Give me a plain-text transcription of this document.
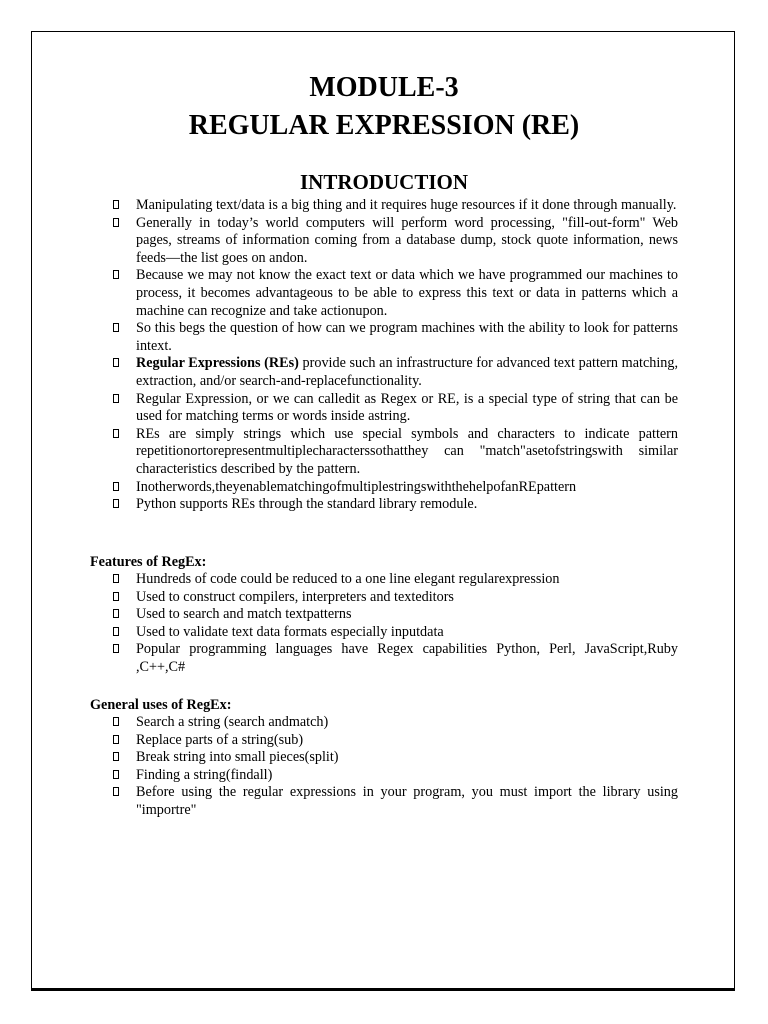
MODULE-3
REGULAR EXPRESSION (RE)
INTRODUCTION
Manipulating text/data is a big thing and it requires huge resources if it done through manually.
Generally in today’s world computers will perform word processing, "fill-out-form" Web pages, streams of information coming from a database dump, stock quote information, news feeds—the list goes on andon.
Because we may not know the exact text or data which we have programmed our machines to process, it becomes advantageous to be able to express this text or data in patterns which a machine can recognize and take actionupon.
So this begs the question of how can we program machines with the ability to look for patterns intext.
Regular Expressions (REs) provide such an infrastructure for advanced text pattern matching, extraction, and/or search-and-replacefunctionality.
Regular Expression, or we can calledit as Regex or RE, is a special type of string that can be used for matching terms or words inside astring.
REs are simply strings which use special symbols and characters to indicate pattern repetitionortorepresentmultiplecharacterssothatthey can "match"asetofstringswith similar characteristics described by the pattern.
Inotherwords,theyenablematchingofmultiplestringswiththehelpofanREpattern
Python supports REs through the standard library remodule.
Features of RegEx:
Hundreds of code could be reduced to a one line elegant regularexpression
Used to construct compilers, interpreters and texteditors
Used to search and match textpatterns
Used to validate text data formats especially inputdata
Popular programming languages have Regex capabilities Python, Perl, JavaScript,Ruby ,C++,C#
General uses of RegEx:
Search a string (search andmatch)
Replace parts of a string(sub)
Break string into small pieces(split)
Finding a string(findall)
Before using the regular expressions in your program, you must import the library using "importre"
